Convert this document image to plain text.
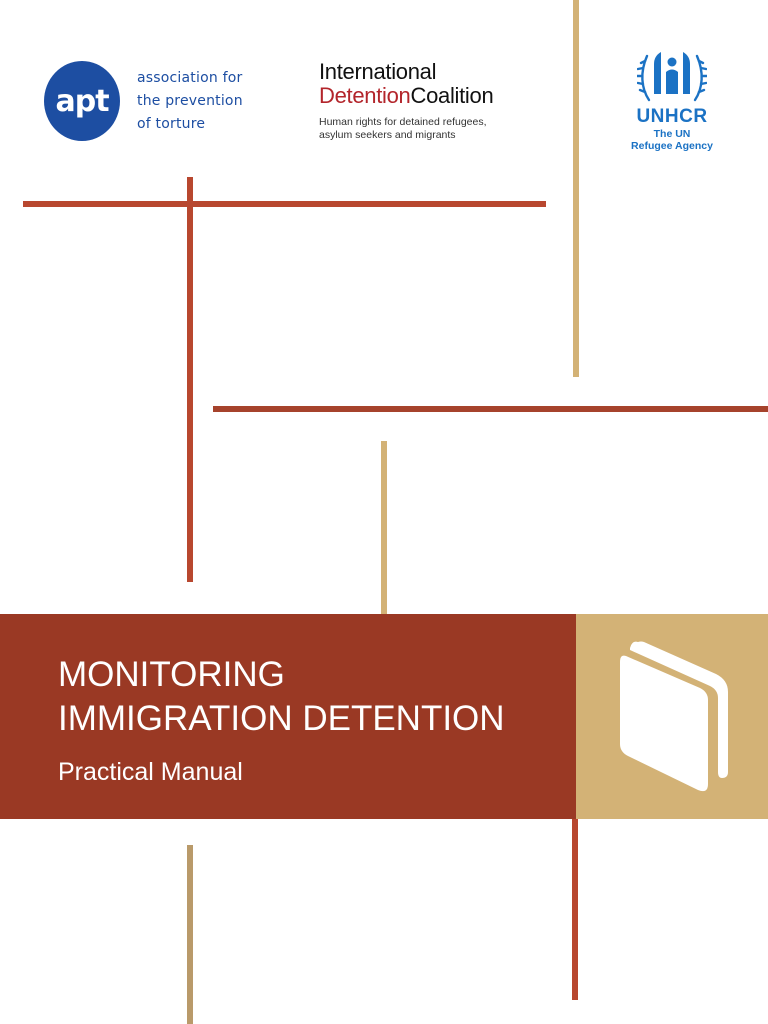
apt
association for
the prevention
of torture
International
DetentionCoalition
Human rights for detained refugees,
asylum seekers and migrants
UNHCR
The UN
Refugee Agency
MONITORING
IMMIGRATION DETENTION
Practical Manual
